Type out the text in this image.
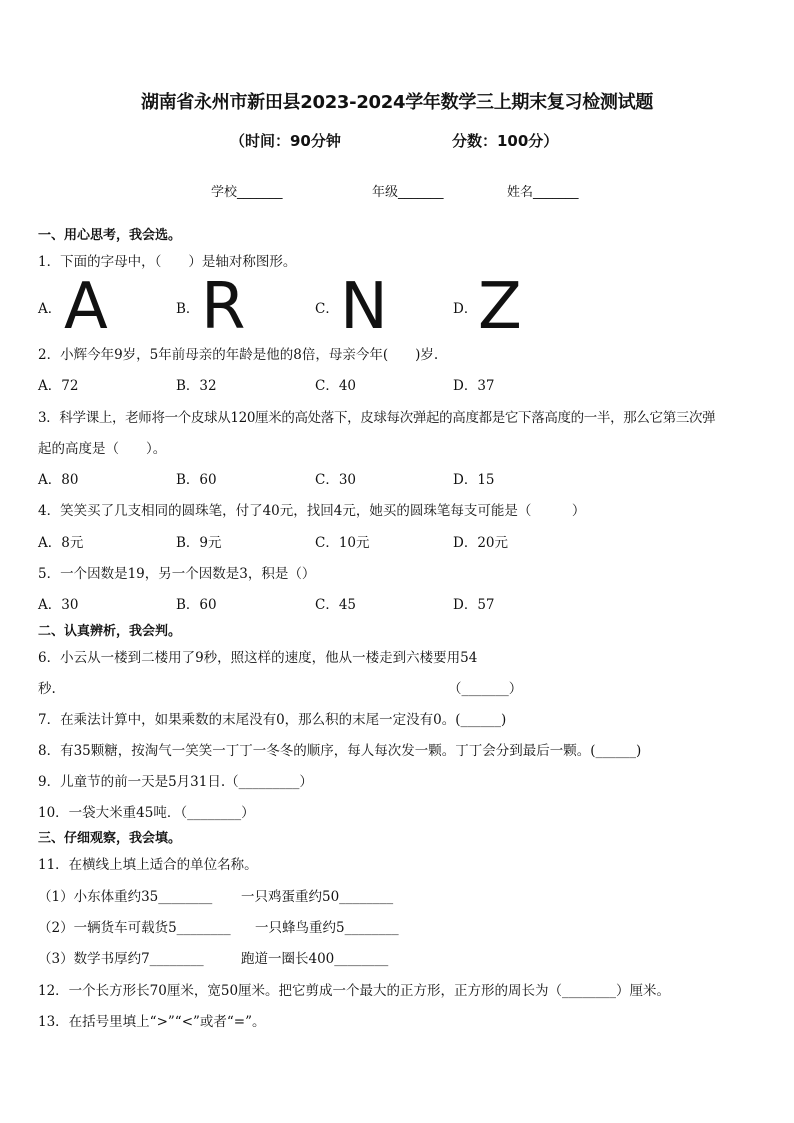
湖南省永州市新田县2023-2024学年数学三上期末复习检测试题
（时间：90分钟	分数：100分）
学校_______	年级_______	姓名_______
一、用心思考，我会选。
1．下面的字母中，（　　）是轴对称图形。
A． A	B． R	C． N	D． Z
2．小辉今年9岁，5年前母亲的年龄是他的8倍，母亲今年(　　)岁.
A．72	B．32	C．40	D．37
3．科学课上，老师将一个皮球从120厘米的高处落下，皮球每次弹起的高度都是它下落高度的一半，那么它第三次弹
起的高度是（　　）。
A．80	B．60	C．30	D．15
4．笑笑买了几支相同的圆珠笔，付了40元，找回4元，她买的圆珠笔每支可能是（　　　）
A．8元	B．9元	C．10元	D．20元
5．一个因数是19，另一个因数是3，积是（）
A．30	B．60	C．45	D．57
二、认真辨析，我会判。
6．小云从一楼到二楼用了9秒，照这样的速度，他从一楼走到六楼要用54
秒.	（_______）
7．在乘法计算中，如果乘数的末尾没有0，那么积的末尾一定没有0。(______)
8．有35颗糖，按淘气一笑笑一丁丁一冬冬的顺序，每人每次发一颗。丁丁会分到最后一颗。(______)
9．儿童节的前一天是5月31日.（_________）
10．一袋大米重45吨．（________）
三、仔细观察，我会填。
11．在横线上填上适合的单位名称。
（1）小东体重约35________ 一只鸡蛋重约50________
（2）一辆货车可载货5________ 一只蜂鸟重约5________
（3）数学书厚约7________	跑道一圈长400________
12．一个长方形长70厘米，宽50厘米。把它剪成一个最大的正方形，正方形的周长为（________）厘米。
13．在括号里填上“>”“<”或者“=”。
